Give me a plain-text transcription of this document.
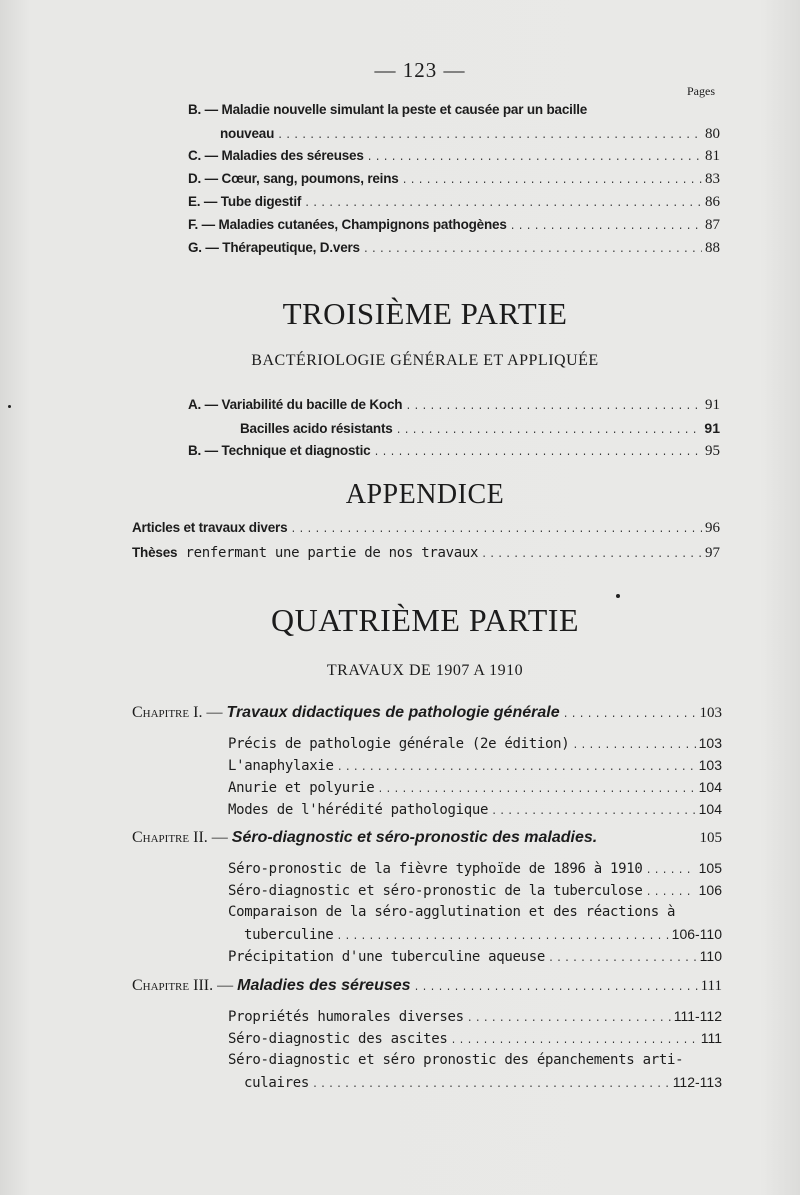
— 123 —
Pages
B. — Maladie nouvelle simulant la peste et causée par un bacille
nouveau .....	80
C. — Maladies des séreuses .....	81
D. — Cœur, sang, poumons, reins .....	83
E. — Tube digestif .....	86
F. — Maladies cutanées, Champignons pathogènes .....	87
G. — Thérapeutique, D.vers .....	88
TROISIÈME PARTIE
BACTÉRIOLOGIE GÉNÉRALE ET APPLIQUÉE
A. — Variabilité du bacille de Koch .....	91
Bacilles acido résistants .....	91
B. — Technique et diagnostic .....	95
APPENDICE
Articles et travaux divers .....	96
Thèses renfermant une partie de nos travaux .....	97
QUATRIÈME PARTIE
TRAVAUX DE 1907 A 1910
Chapitre I. — Travaux didactiques de pathologie générale .....	103
Précis de pathologie générale (2e édition) .....	103
L'anaphylaxie .....	103
Anurie et polyurie .....	104
Modes de l'hérédité pathologique .....	104
Chapitre II. — Séro-diagnostic et séro-pronostic des maladies.	105
Séro-pronostic de la fièvre typhoïde de 1896 à 1910 .....	105
Séro-diagnostic et séro-pronostic de la tuberculose .....	106
Comparaison de la séro-agglutination et des réactions à
tuberculine .....	106-110
Précipitation d'une tuberculine aqueuse .....	110
Chapitre III. — Maladies des séreuses .....	111
Propriétés humorales diverses .....	111-112
Séro-diagnostic des ascites .....	111
Séro-diagnostic et séro pronostic des épanchements arti-
culaires .....	112-113
